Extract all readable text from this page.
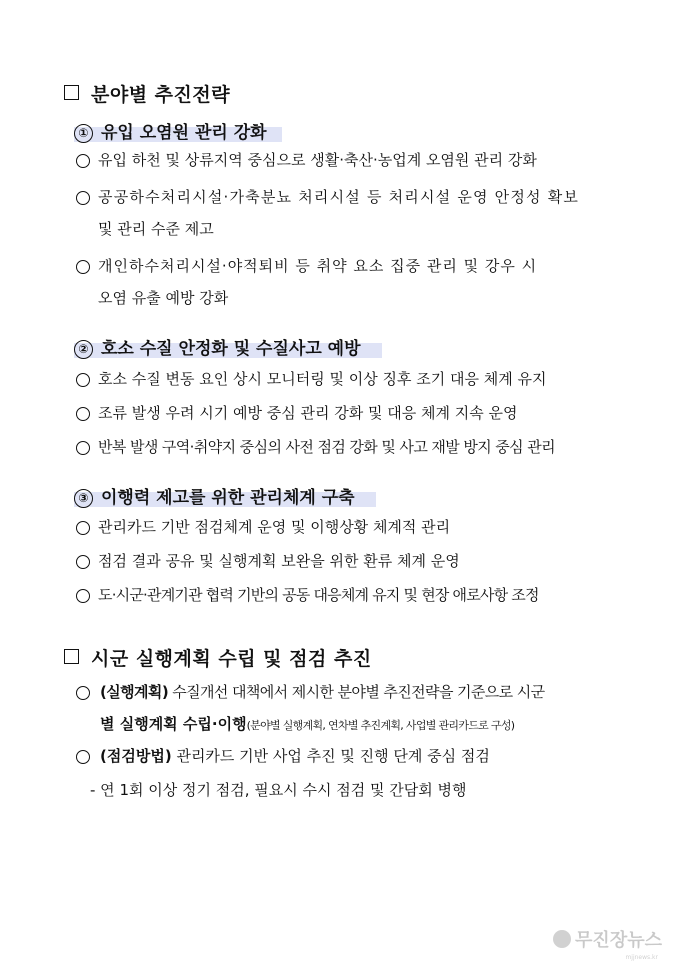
분야별 추진전략
① 유입 오염원 관리 강화
유입 하천 및 상류지역 중심으로 생활·축산·농업계 오염원 관리 강화
공공하수처리시설·가축분뇨 처리시설 등 처리시설 운영 안정성 확보
및 관리 수준 제고
개인하수처리시설·야적퇴비 등 취약 요소 집중 관리 및 강우 시
오염 유출 예방 강화
② 호소 수질 안정화 및 수질사고 예방
호소 수질 변동 요인 상시 모니터링 및 이상 징후 조기 대응 체계 유지
조류 발생 우려 시기 예방 중심 관리 강화 및 대응 체계 지속 운영
반복 발생 구역·취약지 중심의 사전 점검 강화 및 사고 재발 방지 중심 관리
③ 이행력 제고를 위한 관리체계 구축
관리카드 기반 점검체계 운영 및 이행상황 체계적 관리
점검 결과 공유 및 실행계획 보완을 위한 환류 체계 운영
도·시군·관계기관 협력 기반의 공동 대응체계 유지 및 현장 애로사항 조정
시군 실행계획 수립 및 점검 추진
(실행계획) 수질개선 대책에서 제시한 분야별 추진전략을 기준으로 시군
별 실행계획 수립·이행(분야별 실행계획, 연차별 추진계획, 사업별 관리카드로 구성)
(점검방법) 관리카드 기반 사업 추진 및 진행 단계 중심 점검
- 연 1회 이상 정기 점검, 필요시 수시 점검 및 간담회 병행
무진장뉴스
mjjnews.kr
